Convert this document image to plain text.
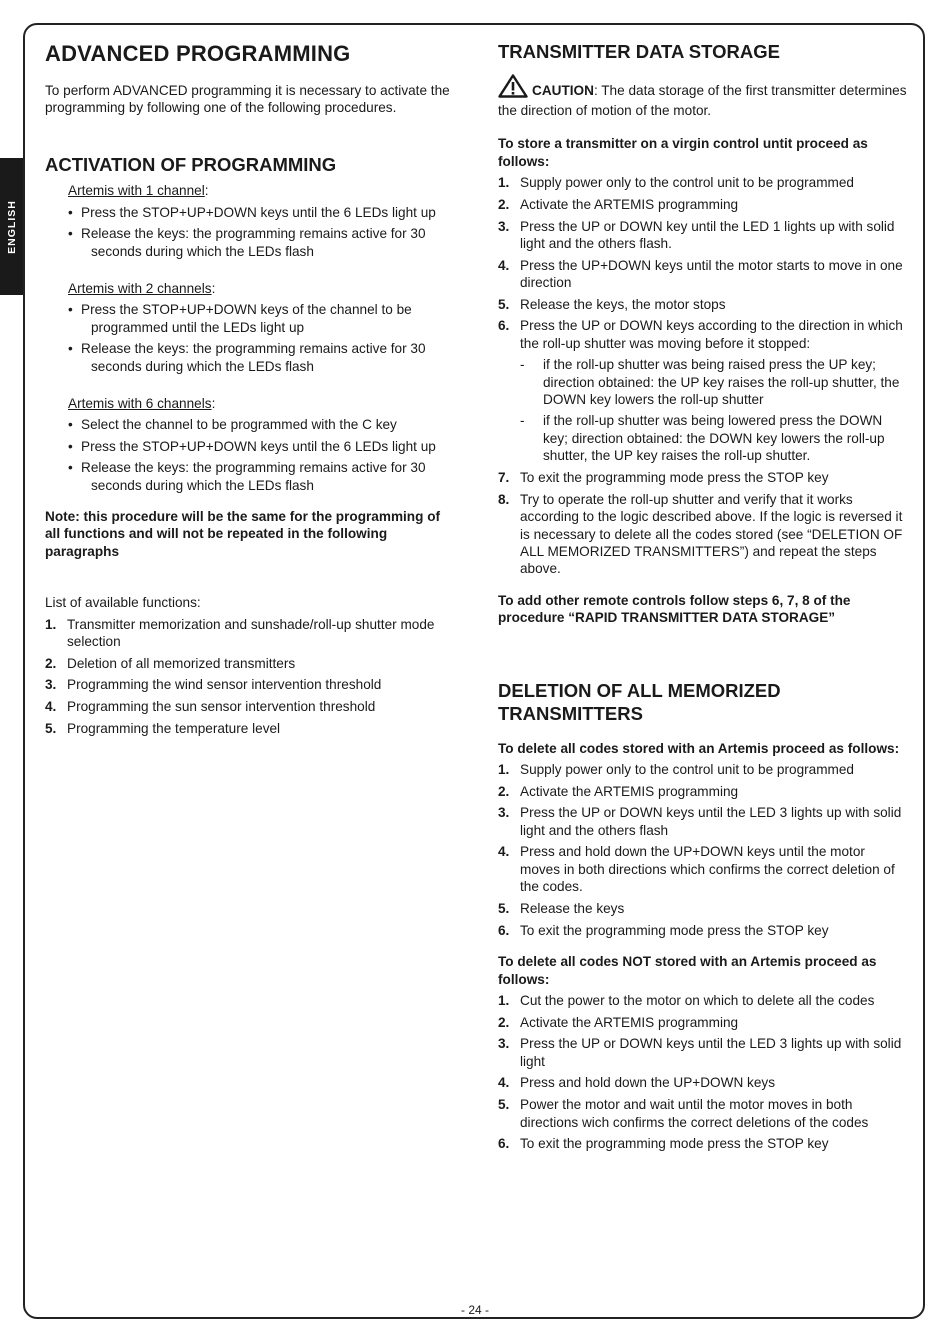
ENGLISH
ADVANCED PROGRAMMING

To perform ADVANCED programming it is necessary to activate the programming by following one of the following procedures.

ACTIVATION OF PROGRAMMING

Artemis with 1 channel:

• Press the STOP+UP+DOWN keys until the 6 LEDs light up
• Release the keys: the programming remains active for 30 seconds during which the LEDs flash

Artemis with 2 channels:

• Press the STOP+UP+DOWN keys of the channel to be programmed until the LEDs light up
• Release the keys: the programming remains active for 30 seconds during which the LEDs flash

Artemis with 6 channels:

• Select the channel to be programmed with the C key
• Press the STOP+UP+DOWN keys until the 6 LEDs light up
• Release the keys: the programming remains active for 30 seconds during which the LEDs flash

Note: this procedure will be the same for the programming of all functions and will not be repeated in the following paragraphs

List of available functions:

1. Transmitter memorization and sunshade/roll-up shutter mode selection
2. Deletion of all memorized transmitters
3. Programming the wind sensor intervention threshold
4. Programming the sun sensor intervention threshold
5. Programming the temperature level
TRANSMITTER DATA STORAGE

CAUTION: The data storage of the first transmitter determines the direction of motion of the motor.

To store a transmitter on a virgin control untit proceed as follows:

1. Supply power only to the control unit to be programmed
2. Activate the ARTEMIS programming
3. Press the UP or DOWN key until the LED 1 lights up with solid light and the others flash.
4. Press the UP+DOWN keys until the motor starts to move in one direction
5. Release the keys, the motor stops
6. Press the UP or DOWN keys according to the direction in which the roll-up shutter was moving before it stopped:
- if the roll-up shutter was being raised press the UP key; direction obtained: the UP key raises the roll-up shutter, the DOWN key lowers the roll-up shutter
- if the roll-up shutter was being lowered press the DOWN key; direction obtained: the DOWN key lowers the roll-up shutter, the UP key raises the roll-up shutter.
7. To exit the programming mode press the STOP key
8. Try to operate the roll-up shutter and verify that it works according to the logic described above. If the logic is reversed it is necessary to delete all the codes stored (see “DELETION OF ALL MEMORIZED TRANSMITTERS”) and repeat the steps above.

To add other remote controls follow steps 6, 7, 8 of the procedure “RAPID TRANSMITTER DATA STORAGE”

DELETION OF ALL MEMORIZED TRANSMITTERS

To delete all codes stored with an Artemis proceed as follows:

1. Supply power only to the control unit to be programmed
2. Activate the ARTEMIS programming
3. Press the UP or DOWN keys until the LED 3 lights up with solid light and the others flash
4. Press and hold down the UP+DOWN keys until the motor moves in both directions which confirms the correct deletion of the codes.
5. Release the keys
6. To exit the programming mode press the STOP key

To delete all codes NOT stored with an Artemis proceed as follows:

1. Cut the power to the motor on which to delete all the codes
2. Activate the ARTEMIS programming
3. Press the UP or DOWN keys until the LED 3 lights up with solid light
4. Press and hold down the UP+DOWN keys
5. Power the motor and wait until the motor moves in both directions wich confirms the correct deletions of the codes
6. To exit the programming mode press the STOP key
- 24 -
